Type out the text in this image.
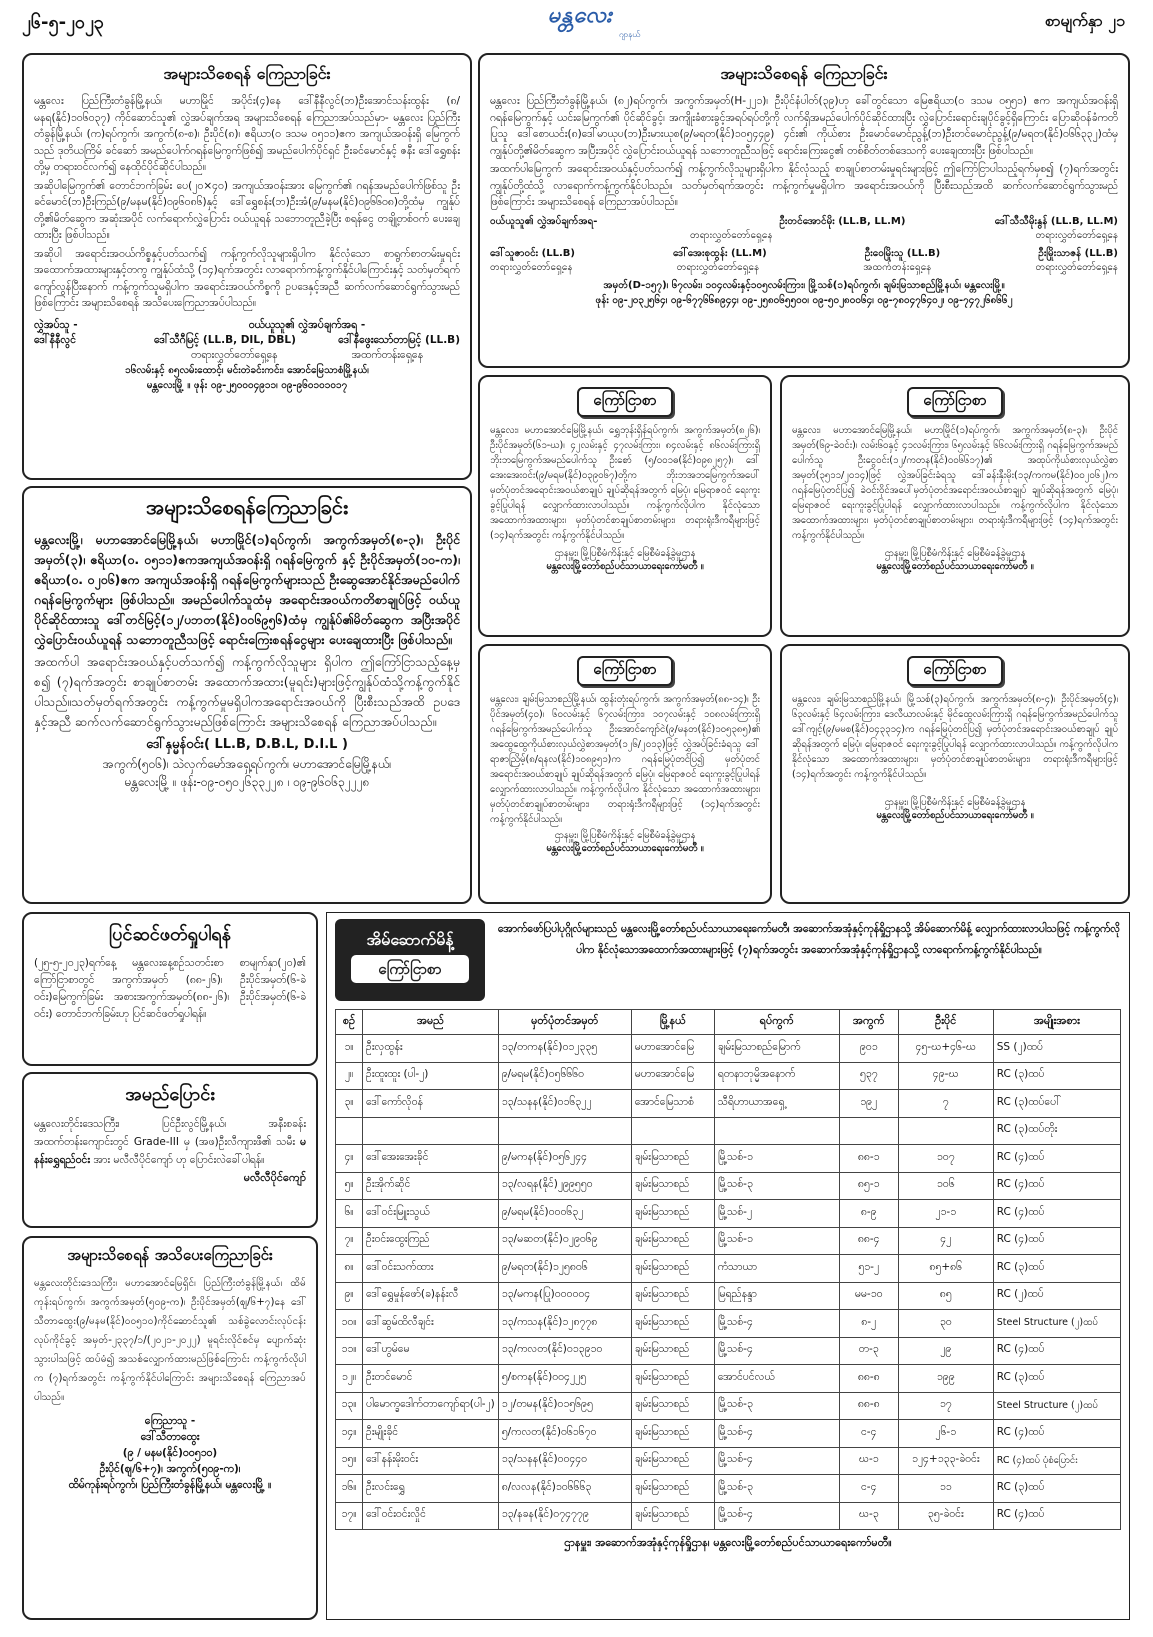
၂၆-၅-၂၀၂၃	မန္တလေး
ဂျာနယ်
စာမျက်နှာ ၂၁
အများသိစေရန် ကြေညာခြင်း

မန္တလေး ပြည်ကြီးတံခွန်မြို့နယ်၊ မဟာမြိုင် အပိုင်း(၄)နေ ဒေါ်နီနီလွင်(ဘ)ဦးအောင်သန်းထွန်း (၈/မနရ(နိုင်)၁၀၆၀၃၇) ကိုင်ဆောင်သူ၏ လွှဲအပ်ချက်အရ အများသိစေရန် ကြေညာအပ်သည်မှာ- မန္တလေး ပြည်ကြီးတံခွန်မြို့နယ်၊ (က)ရပ်ကွက်၊ အကွက်(၈-စ)၊ ဦးပိုင်(၈)၊ ဧရိယာ(၀ ဒသမ ၀၅၁၁)ဧက အကျယ်အဝန်းရှိ မြေကွက်သည် ဒုတိယကြိမ် ခင်ဆော် အမည်ပေါက်ဂရန်မြေကွက်ဖြစ်၍ အမည်ပေါက်ပိုင်ရှင် ဦးခင်မောင်နှင့် ဇနီး ဒေါ်ရွှေစန်းတို့မှ တရားဝင်လက်၍ နေထိုင်ပိုင်ဆိုင်ပါသည်။

အဆိုပါမြေကွက်၏ တောင်ဘက်ခြမ်း ပေ(၂၀×၄၀) အကျယ်အဝန်းအား မြေကွက်၏ ဂရန်အမည်ပေါက်ဖြစ်သူ ဦးခင်မောင်(ဘ)ဦးကြည်(၉/မနမ(နိုင်)၀၉၆၀၈၆)နှင့် ဒေါ်ရွှေစန်း(ဘ)ဦးအံ(၉/မနမ(နိုင်)၀၉၆၆၀၈)တို့ထံမှ ကျွန်ုပ်တို့၏မိတ်ဆွေက အဆုံးအပိုင် လက်ရောက်လွှဲပြောင်း ဝယ်ယူရန် သဘောတူညီခဲ့ပြီး စရန်ငွေ တချို့တစ်ဝက် ပေးချေထားပြီး ဖြစ်ပါသည်။

အဆိုပါ အရောင်းအဝယ်ကိစ္စနှင့်ပတ်သက်၍ ကန့်ကွက်လိုသူများရှိပါက နိုင်လုံသော စာရွက်စာတမ်းမှုရင်း အထောက်အထားများနှင့်တကွ ကျွန်ုပ်ထံသို့ (၁၄)ရက်အတွင်း လာရောက်ကန့်ကွက်နိုင်ပါကြောင်းနှင့် သတ်မှတ်ရက်ကျော်လွန်ပြီးနောက် ကန့်ကွက်သူမရှိပါက အရောင်းအဝယ်ကိစ္စကို ဥပဒေနှင့်အညီ ဆက်လက်ဆောင်ရွက်သွားမည်ဖြစ်ကြောင်း အများသိစေရန် အသိပေးကြေညာအပ်ပါသည်။

လွှဲအပ်သူ -
ဒေါ်နီနီလွင်
ဝယ်ယူသူ၏ လွှဲအပ်ချက်အရ -
ဒေါ်သီဂီမြင့် (LL.B, DIL, DBL)	ဒေါ်နီဖွေးသော်တာမြင့် (LL.B)
တရားလွှတ်တော်ရှေ့နေ	အထက်တန်းရှေ့နေ
၁၆လမ်းနှင့် ၈၅လမ်းထောင့်၊ မင်းတဲခင်းကင်း၊ အောင်မြေသာစံမြို့နယ်၊
မန္တလေးမြို့ ။ ဖုန်း ၀၉-၂၅၀၀၀၄၉၁၁၊ ၀၉-၉၆၀၁၀၁၀၁၇
အများသိစေရန် ကြေညာခြင်း

မန္တလေး ပြည်ကြီးတံခွန်မြို့နယ်၊ (၈၂)ရပ်ကွက်၊ အကွက်အမှတ်(H-၂၂၁)၊ ဦးပိုင်နံပါတ်(၃၉)ဟု ခေါ်တွင်သော မြေဧရိယာ(၀ ဒသမ ၀၅၅၁) ဧက အကျယ်အဝန်းရှိ ဂရန်မြေကွက်နှင့် ယင်းမြေကွက်၏ ပိုင်ဆိုင်ခွင့်၊ အကျိုးခံစားခွင့်အရပ်ရပ်တို့ကို လက်ရှိအမည်ပေါက်ပိုင်ဆိုင်ထားပြီး လွှဲပြောင်းရောင်းချပိုင်ခွင့်ရှိကြောင်း ပြောဆိုဝန်ခံကတိပြုသူ ဒေါ်စောယင်း(၈)ဒေါ်မာယုပ(ဘ)ဦးမားယုစ(၉/မရတ(နိုင်)၁၀၅၄၄၉) ၄င်း၏ ကိုယ်စား ဦးမောင်မောင်ညွန့်(ဘ)ဦးတင်မောင်ညွန့်(၉/မရတ(နိုင်)၀၆၆၃၃၂)ထံမှ ကျွန်ုပ်တို့၏မိတ်ဆွေက အပြီးအပိုင် လွှဲပြောင်းဝယ်ယူရန် သဘောတူညီသဖြင့် ရောင်းကြေးငွေ၏ တစ်စိတ်တစ်ဒေသကို ပေးချေထားပြီး ဖြစ်ပါသည်။

အထက်ပါမြေကွက် အရောင်းအဝယ်နှင့်ပတ်သက်၍ ကန့်ကွက်လိုသူများရှိပါက နိုင်လုံသည့် စာချုပ်စာတမ်းမှုရင်းများဖြင့် ဤကြော်ငြာပါသည့်ရက်မှစ၍ (၇)ရက်အတွင်း ကျွန်ုပ်တို့ထံသို့ လာရောက်ကန့်ကွက်နိုင်ပါသည်။ သတ်မှတ်ရက်အတွင်း ကန့်ကွက်မှုမရှိပါက အရောင်းအဝယ်ကို ပြီးစီးသည်အထိ ဆက်လက်ဆောင်ရွက်သွားမည်ဖြစ်ကြောင်း အများသိစေရန် ကြေညာအပ်ပါသည်။

ဝယ်ယူသူ၏ လွှဲအပ်ချက်အရ-	ဦးတင်အောင်မိုး (LL.B, LL.M)	ဒေါ်သီသီမိုးနွန် (LL.B, LL.M)
တရားလွှတ်တော်ရှေ့နေ	တရားလွှတ်တော်ရှေ့နေ
ဒေါ်သူဇာဝင်း (LL.B)	ဒေါ်အေးစုထွန်း (LL.M)	ဦးဝေမြိုးသူ (LL.B)	ဦးမြိုးသာဇန် (LL.B)
တရားလွှတ်တော်ရှေ့နေ	တရားလွှတ်တော်ရှေ့နေ	အထက်တန်းရှေ့နေ	တရားလွှတ်တော်ရှေ့နေ
အမှတ်(D-၁၅၇)၊ ၆၇လမ်း၊ ၁၀၄လမ်းနှင့်၁၀၅လမ်းကြား၊ မြို့သစ်(၁)ရပ်ကွက်၊ ချမ်းမြသာစည်မြို့နယ်၊ မန္တလေးမြို့။
ဖုန်း ၀၉-၂၀၃၂၅၆၄၊ ၀၉-၆၇၇၆၆၈၉၄၄၊ ၀၉-၂၅၈၀၆၅၅၀၀၊ ၀၉-၅၀၂၈၀၀၆၄၊ ၀၉-၇၈၀၄၇၆၄၀၂၊ ၀၉-၇၄၇၂၆၈၆၆၂
ကြော်ငြာစာ

မန္တလေး၊ မဟာအောင်မြေမြို့နယ်၊ ရွှေဘုန်းရှိန်ရပ်ကွက်၊ အကွက်အမှတ်(၈၂၆)၊ ဦးပိုင်အမှတ်(၆၁-ဃ)၊ ၄၂လမ်းနှင့် ၄၇လမ်းကြား၊ ၈၄လမ်းနှင့် ၈၆လမ်းကြားရှိ ဘိုးဘမြေကွက်အမည်ပေါက်သူ ဦးစော် (၅/၀၀၁ဓ(နိုင်)၀၉၈၂၅၇)၊ ဒေါ်အေးအေးဝင်း(၉/မရမ(နိုင်)၀၃၉၀၆၇)တို့က ဘိုးဘအဘမြေကွက်အပေါ် မှတ်ပုံတင်အရောင်းအဝယ်စာချုပ် ချုပ်ဆိုရန်အတွက် မြေပုံ၊ မြေရာဇဝင် ရေးကူးခွင့်ပြုပါရန် လျှောက်ထားလာပါသည်။ ကန့်ကွက်လိုပါက နိုင်လုံသော အထောက်အထားများ၊ မှတ်ပုံတင်စာချုပ်စာတမ်းများ၊ တရားရုံးဒီကရီများဖြင့် (၁၄)ရက်အတွင်း ကန့်ကွက်နိုင်ပါသည်။

ဌာနမှူး၊ မြို့ပြစီမံကိန်းနှင့် မြေစီမံခန့်ခွဲမှုဌာန
မန္တလေးမြို့တော်စည်ပင်သာယာရေးကော်မတီ ။
ကြော်ငြာစာ

မန္တလေး၊ မဟာအောင်မြေမြို့နယ်၊ မဟာမြိုင်(၁)ရပ်ကွက်၊ အကွက်အမှတ်(၈-၃)၊ ဦးပိုင်အမှတ်(၆၉-ခဲဝင်း)၊ လမ်း၆၀နှင့် ၄၁လမ်းကြား၊ ၆၅လမ်းနှင့် ၆၆လမ်းကြားရှိ ဂရန်မြေကွက်အမည်ပေါက်သူ ဦးငွေဝင်း(၁၂/ကတန(နိုင်)၀၀၆၆၁၇)၏ အထုပ်ကိုယ်စားလှယ်လွှဲစာအမှတ်(၃၅၁၁/၂၀၁၄)ဖြင့် လွှဲအပ်ခြင်းခံရသူ ဒေါ်ခန်းနှီးမိုး(၁၃/ကကမ(နိုင်)၀၀၂၀၆၂)က ဂရန်မြေပုံတင်ပြ၍ ခဲဝင်းဝိုင်အပေါ်မှတ်ပုံတင်အရောင်းအဝယ်စာချုပ် ချုပ်ဆိုရန်အတွက် မြေပုံ၊ မြေရာဇဝင် ရေးကူးခွင့်ပြုပါရန် လျှောက်ထားလာပါသည်။ ကန့်ကွက်လိုပါက နိုင်လုံသော အထောက်အထားများ၊ မှတ်ပုံတင်စာချုပ်စာတမ်းများ၊ တရားရုံးဒီကရီများဖြင့် (၁၄)ရက်အတွင်း ကန့်ကွက်နိုင်ပါသည်။

ဌာနမှူး၊ မြို့ပြစီမံကိန်းနှင့် မြေစီမံခန့်ခွဲမှုဌာန
မန္တလေးမြို့တော်စည်ပင်သာယာရေးကော်မတီ ။
ကြော်ငြာစာ

မန္တလေး၊ ချမ်းမြသာစည်မြို့နယ်၊ ထွန်းတုံးရပ်ကွက်၊ အကွက်အမှတ်(၈၈-၁၄)၊ ဦးပိုင်အမှတ်(၄၀)၊ ၆၀လမ်းနှင့် ၆၇လမ်းကြား၊ ၁၀၇လမ်းနှင့် ၁၀၈လမ်းကြားရှိ ဂရန်မြေကွက်အမည်ပေါက်သူ ဦးအောင်ကျော်ငဲ(၉/မနတ(နိုင်)၁၀၅၃၈၅)၏ အထွေထွေကိုယ်စားလှယ်လွှဲစာအမှတ်(၁၂၆/၂၀၁၃)ဖြင့် လွှဲအပ်ခြင်းခံရသူ ဒေါ်ရာဇာညြိမ့်(၈/ရနလ(နိုင်)၁၀၈၉၅၁)က ဂရန်မြေပုံတင်ပြ၍ မှတ်ပုံတင်အရောင်းအဝယ်စာချုပ် ချုပ်ဆိုရန်အတွက် မြေပုံ၊ မြေရာဇဝင် ရေးကူးခွင့်ပြုပါရန် လျှောက်ထားလာပါသည်။ ကန့်ကွက်လိုပါက နိုင်လုံသော အထောက်အထားများ၊ မှတ်ပုံတင်စာချုပ်စာတမ်းများ၊ တရားရုံးဒီကရီများဖြင့် (၁၄)ရက်အတွင်း ကန့်ကွက်နိုင်ပါသည်။

ဌာနမှူး၊ မြို့ပြစီမံကိန်းနှင့် မြေစီမံခန့်ခွဲမှုဌာန
မန္တလေးမြို့တော်စည်ပင်သာယာရေးကော်မတီ ။
ကြော်ငြာစာ

မန္တလေး၊ ချမ်းမြသာစည်မြို့နယ်၊ မြို့သစ်(၃)ရပ်ကွက်၊ အကွက်အမှတ်(၈-၄)၊ ဦးပိုင်အမှတ်(၄)၊ ၆၃လမ်းနှင့် ၆၄လမ်းကြား၊ ဒေလီယာလမ်းနှင့် မိုင်ထွေလမ်းကြားရှိ ဂရန်မြေကွက်အမည်ပေါက်သူ ဒေါ်ကျင့်(၉/မမစ(နိုင်)၀၄၃၃၁၄)က ဂရန်မြေပုံတင်ပြ၍ မှတ်ပုံတင်အရောင်းအဝယ်စာချုပ် ချုပ်ဆိုရန်အတွက် မြေပုံ၊ မြေရာဇဝင် ရေးကူးခွင့်ပြုပါရန် လျှောက်ထားလာပါသည်။ ကန့်ကွက်လိုပါက နိုင်လုံသော အထောက်အထားများ၊ မှတ်ပုံတင်စာချုပ်စာတမ်းများ၊ တရားရုံးဒီကရီများဖြင့် (၁၄)ရက်အတွင်း ကန့်ကွက်နိုင်ပါသည်။

ဌာနမှူး၊ မြို့ပြစီမံကိန်းနှင့် မြေစီမံခန့်ခွဲမှုဌာန
မန္တလေးမြို့တော်စည်ပင်သာယာရေးကော်မတီ ။
အများသိစေရန်ကြေညာခြင်း

မန္တလေးမြို့၊ မဟာအောင်မြေမြို့နယ်၊ မဟာမြိုင်(၁)ရပ်ကွက်၊ အကွက်အမှတ်(၈-၃)၊ ဦးပိုင်အမှတ်(၃)၊ ဧရိယာ(၀. ၀၅၁၁)ဧကအကျယ်အဝန်းရှိ ဂရန်မြေကွက် နှင့် ဦးပိုင်အမှတ်(၁၀-က)၊ ဧရိယာ(၀. ၀၂၀၆)ဧက အကျယ်အဝန်းရှိ ဂရန်မြေကွက်များသည် ဦးဆွေအောင်နိုင်အမည်ပေါက် ဂရန်မြေကွက်များ ဖြစ်ပါသည်။ အမည်ပေါက်သူထံမှ အရောင်းအဝယ်ကတိစာချုပ်ဖြင့် ဝယ်ယူပိုင်ဆိုင်ထားသူ ဒေါ်တင်မြင့်(၁၂/ပဘတ(နိုင်)၀၀၆၉၅၆)ထံမှ ကျွန်ုပ်၏မိတ်ဆွေက အပြီးအပိုင် လွှဲပြောင်းဝယ်ယူရန် သဘောတူညီသဖြင့် ရောင်းကြေးစရန်ငွေများ ပေးချေထားပြီး ဖြစ်ပါသည်။

အထက်ပါ အရောင်းအဝယ်နှင့်ပတ်သက်၍ ကန့်ကွက်လိုသူများ ရှိပါက ဤကြော်ငြာသည့်နေ့မှစ၍ (၇)ရက်အတွင်း စာချုပ်စာတမ်း အထောက်အထား(မူရင်း)များဖြင့်ကျွန်ုပ်ထံသို့ကန့်ကွက်နိုင်ပါသည်။သတ်မှတ်ရက်အတွင်း ကန့်ကွက်မှုမရှိပါကအရောင်းအဝယ်ကို ပြီးစီးသည်အထိ ဥပဒေနှင့်အညီ ဆက်လက်ဆောင်ရွက်သွားမည်ဖြစ်ကြောင်း အများသိစေရန် ကြေညာအပ်ပါသည်။

ဒေါ်နှမ္မန်ဝင်း( LL.B, D.B.L, D.I.L )
အကွက်(၅၀၆)၊ သဲလှက်မော်အရှေ့ရပ်ကွက်၊ မဟာအောင်မြေမြို့နယ်၊
မန္တလေးမြို့ ။ ဖုန်း-၀၉-၀၅၀၂၆၃၃၂၂၈ ၊ ၀၉-၉၆၀၆၃၂၂၂၈
ပြင်ဆင်ဖတ်ရှုပါရန်

(၂၅-၅-၂၀၂၃)ရက်နေ့ မန္တလေးနေ့စဉ်သတင်းစာ စာမျက်နှာ(၂၀)၏ ကြော်ငြာစာတွင် အကွက်အမှတ် (၈၈-၂၆)၊ ဦးပိုင်အမှတ်(၆-ခဲဝင်း)မြေကွက်ခြမ်း အစားအကွက်အမှတ်(၈၈-၂၆)၊ ဦးပိုင်အမှတ်(၆-ခဲဝင်း) တောင်ဘက်ခြမ်းဟု ပြင်ဆင်ဖတ်ရှုပါရန်။

အမည်ပြောင်း

မန္တလေးတိုင်းဒေသကြီး၊ ပြင်ဦးလွင်မြို့နယ်၊ အနီးစခန်း အထက်တန်းကျောင်းတွင် Grade-III မှ (အဖ)ဦးလီကျားဖီ၏ သမီး မနန်းရွှေရည်ဝင်း အား မလီလီပိုင်ကျော် ဟု ပြောင်းလဲခေါ်ပါရန်။

မလီလီပိုင်ကျော်
အများသိစေရန် အသိပေးကြေညာခြင်း

မန္တလေးတိုင်းဒေသကြီး၊ မဟာအောင်မြေရှိင်၊ ပြည်ကြီးတံခွန်မြို့နယ်၊ ထိမ်ကုန်းရပ်ကွက်၊ အကွက်အမှတ်(၅၀၉-က)၊ ဦးပိုင်အမှတ်(ဈ/၆+၇)နေ ဒေါ်သီတာထွေး(၉/မနမ(နိုင်)၀၀၅၁၀)ကိုင်ဆောင်သူ၏ သစ်ခွဲလောင်းလုပ်ငန်းလုပ်ကိုင်ခွင့် အမှတ်-၂၃၃၇/၁/(၂၀၂၁-၂၀၂၂) မူရင်းလိုင်စင်မှ ပျောက်ဆုံးသွားပါသဖြင့် ထပ်မံ၍ အသစ်လျှောက်ထားမည်ဖြစ်ကြောင်း ကန့်ကွက်လိုပါက (၇)ရက်အတွင်း ကန့်ကွက်နိုင်ပါကြောင်း အများသိစေရန် ကြေညာအပ်ပါသည်။

ကြေညာသူ -
ဒေါ်သီတာထွေး
(၉ / မနမ(နိုင်)၀၀၅၁၀)
ဦးပိုင်(ဈ/၆+၇)၊ အကွက်(၅၀၉-က)၊
ထိမ်ကုန်းရပ်ကွက်၊ ပြည်ကြီးတံခွန်မြို့နယ်၊ မန္တလေးမြို့ ။
အိမ်ဆောက်မိန့်
ကြော်ငြာစာ

အောက်ဖော်ပြပါပုဂ္ဂိုလ်များသည် မန္တလေးမြို့တော်စည်ပင်သာယာရေးကော်မတီ၊ အဆောက်အအုံနှင့်ကုန်ရှိုဌာနသို့ အိမ်ဆောက်မိန့် လျှောက်ထားလာပါသဖြင့် ကန့်ကွက်လိုပါက နိုင်လုံသောအထောက်အထားများဖြင့် (၇)ရက်အတွင်း အဆောက်အအုံနှင့်ကုန်ရှိုဌာနသို့ လာရောက်ကန့်ကွက်နိုင်ပါသည်။

စဉ်	အမည်	မှတ်ပုံတင်အမှတ်	မြို့နယ်	ရပ်ကွက်	အကွက်	ဦးပိုင်	အမျိုးအစား
၁။	ဦးလှထွန်း	၁၃/တကန(နိုင်)၀၁၂၃၃၅	မဟာအောင်မြေ	ချမ်းမြသာစည်မြောက်	၉၀၁	၄၅-ဃ+၄၆-ဃ	SS (၂)ထပ်
၂။	ဦးထူးထူး (ပါ-၂)	၉/မရမ(နိုင်)၀၅၆၆၆၀	မဟာအောင်မြေ	ရတနာဘုမ္မိအနောက်	၅၃၇	၄၉-ဃ	RC (၃)ထပ်
၃။	ဒေါ်ကော်လိုဝန်	၁၃/သနန(နိုင်)၀၁၆၃၂၂	အောင်မြေသာစံ	သီရိဟာယာအရှေ့	၁၉၂	၇	RC (၃)ထပ်ပေါ်
							RC (၃)ထပ်တိုး
၄။	ဒေါ်အေးအေးခိုင်	၉/မကန(နိုင်)၀၅၆၂၄၄	ချမ်းမြသာစည်	မြို့သစ်-၁	၈၈-၁	၁၀၇	RC (၄)ထပ်
၅။	ဦးအိုက်ဆိုင်	၁၃/လရန(နိုင်)၂၉၉၅၅၀	ချမ်းမြသာစည်	မြို့သစ်-၃	၈၅-၁	၁၀၆	RC (၄)ထပ်
၆။	ဒေါ်ဝင်းမြူးသွယ်	၉/မရမ(နိုင်)၀၀၀၆၃၂	ချမ်းမြသာစည်	မြို့သစ်-၂	၈-၉	၂၁-၁	RC (၄)ထပ်
၇။	ဦးဝင်းထွေးကြည်	၁၃/မဆတ(နိုင်)၀၂၉၀၆၉	ချမ်းမြသာစည်	မြို့သစ်-၁	၈၈-၄	၄၂	RC (၄)ထပ်
၈။	ဒေါ်ဝင်းသက်ထား	၉/မရတ(နိုင်)၁၂၅၈၀၆	ချမ်းမြသာစည်	ကံသာယာ	၅၁-၂	၈၅+၈၆	RC (၃)ထပ်
၉။	ဒေါ်ရွှေမှုန်ဖော်(ခ)နန်းလီ	၁၃/မကန(ပြု)၀၀၀၀၀၄	ချမ်းမြသာစည်	မြရည်နန္ဒာ	မမ-၁၀	၈၅	RC (၂)ထပ်
၁၀။	ဒေါ်ဆွမ်ထိလီချင်း	၁၃/ကသန(နိုင်)၁၂၈၇၇၈	ချမ်းမြသာစည်	မြို့သစ်-၄	၈-၂	၃၀	Steel Structure (၂)ထပ်
၁၁။	ဒေါ်ဟွမ်မေ	၁၃/ကလတ(နိုင်)၀၁၃၉၁၀	ချမ်းမြသာစည်	မြို့သစ်-၄	တ-၃	၂၉	RC (၄)ထပ်
၁၂။	ဦးတင်မောင်	၅/စကန(နိုင်)၀၀၄၂၂၅	ချမ်းမြသာစည်	အောင်ပင်လယ်	၈၈-၈	၁၉၉	RC (၃)ထပ်
၁၃။	ပါမောက္ခဒေါက်တာကျော်ရာ(ပါ-၂)	၁၂/တမန(နိုင်)၀၁၅၆၉၅	ချမ်းမြသာစည်	မြို့သစ်-၃	၈၈-၈	၁၇	Steel Structure (၂)ထပ်
၁၄။	ဦးမျိုးခိုင်	၅/ကလတ(နိုင်)၀၆၁၆၇၀	ချမ်းမြသာစည်	မြို့သစ်-၄	င-၄	၂၆-၁	RC (၄)ထပ်
၁၅။	ဒေါ်နန်းမိုးဝင်း	၁၃/သနန(နိုင်)၀၀၄၄၀	ချမ်းမြသာစည်	မြို့သစ်-၄	ဃ-၁	၁၂၄+၁၃၃-ခဲဝင်း	RC (၄)ထပ် ပုံစံပြောင်း
၁၆။	ဦးလင်းရွှေ	၈/လလန(နိုင်)၁၀၆၆၆၃	ချမ်းမြသာစည်	မြို့သစ်-၃	င-၄	၁၁	RC (၃)ထပ်
၁၇။	ဒေါ်ဝင်းဝင်းလှိုင်	၁၃/နခန(နိုင်)၀၇၄၇၇၉	ချမ်းမြသာစည်	မြို့သစ်-၄	ဃ-၃	၃၅-ခဲဝင်း	RC (၄)ထပ်
ဌာနမှူး၊ အဆောက်အအုံနှင့်ကုန်ရှိုဌာန၊ မန္တလေးမြို့တော်စည်ပင်သာယာရေးကော်မတီ။
